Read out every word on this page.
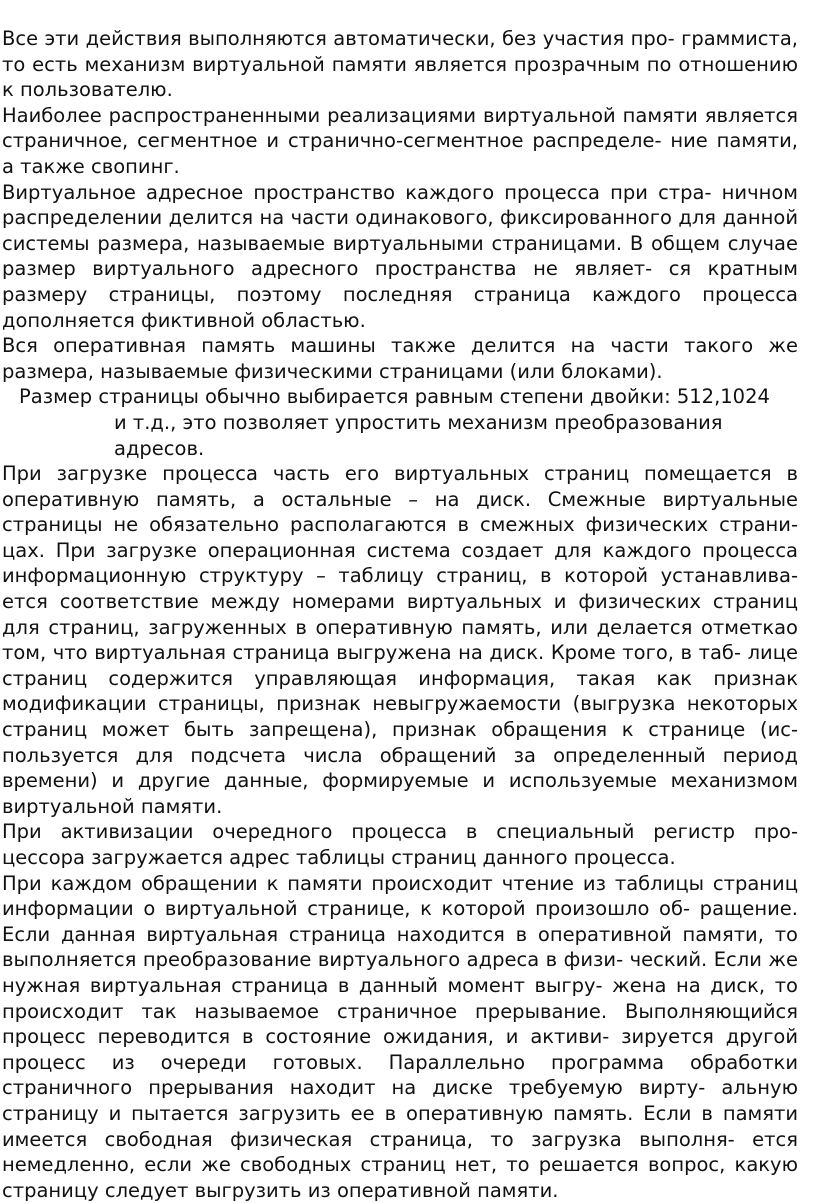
Все эти действия выполняются автоматически, без участия про- граммиста, то есть механизм виртуальной памяти является прозрачным по отношению к пользователю.

Наиболее распространенными реализациями виртуальной памяти является страничное, сегментное и странично-сегментное распределе- ние памяти, а также свопинг.

Виртуальное адресное пространство каждого процесса при стра- ничном распределении делится на части одинакового, фиксированного для данной системы размера, называемые виртуальными страницами. В общем случае размер виртуального адресного пространства не являет- ся кратным размеру страницы, поэтому последняя страница каждого процесса дополняется фиктивной областью.

Вся оперативная память машины также делится на части такого же размера, называемые физическими страницами (или блоками).

Размер страницы обычно выбирается равным степени двойки: 512,1024
и т.д., это позволяет упростить механизм преобразования адресов.

При загрузке процесса часть его виртуальных страниц помещается в оперативную память, а остальные – на диск. Смежные виртуальные страницы не обязательно располагаются в смежных физических страни- цах. При загрузке операционная система создает для каждого процесса информационную структуру – таблицу страниц, в которой устанавлива- ется соответствие между номерами виртуальных и физических страниц для страниц, загруженных в оперативную память, или делается отметкао том, что виртуальная страница выгружена на диск. Кроме того, в таб- лице страниц содержится управляющая информация, такая как признак модификации страницы, признак невыгружаемости (выгрузка некоторых страниц может быть запрещена), признак обращения к странице (ис- пользуется для подсчета числа обращений за определенный период времени) и другие данные, формируемые и используемые механизмом виртуальной памяти.

При активизации очередного процесса в специальный регистр про- цессора загружается адрес таблицы страниц данного процесса.

При каждом обращении к памяти происходит чтение из таблицы страниц информации о виртуальной странице, к которой произошло об- ращение. Если данная виртуальная страница находится в оперативной памяти, то выполняется преобразование виртуального адреса в физи- ческий. Если же нужная виртуальная страница в данный момент выгру- жена на диск, то происходит так называемое страничное прерывание. Выполняющийся процесс переводится в состояние ожидания, и активи- зируется другой процесс из очереди готовых. Параллельно программа обработки страничного прерывания находит на диске требуемую вирту- альную страницу и пытается загрузить ее в оперативную память. Если в памяти имеется свободная физическая страница, то загрузка выполня- ется немедленно, если же свободных страниц нет, то решается вопрос, какую страницу следует выгрузить из оперативной памяти.
